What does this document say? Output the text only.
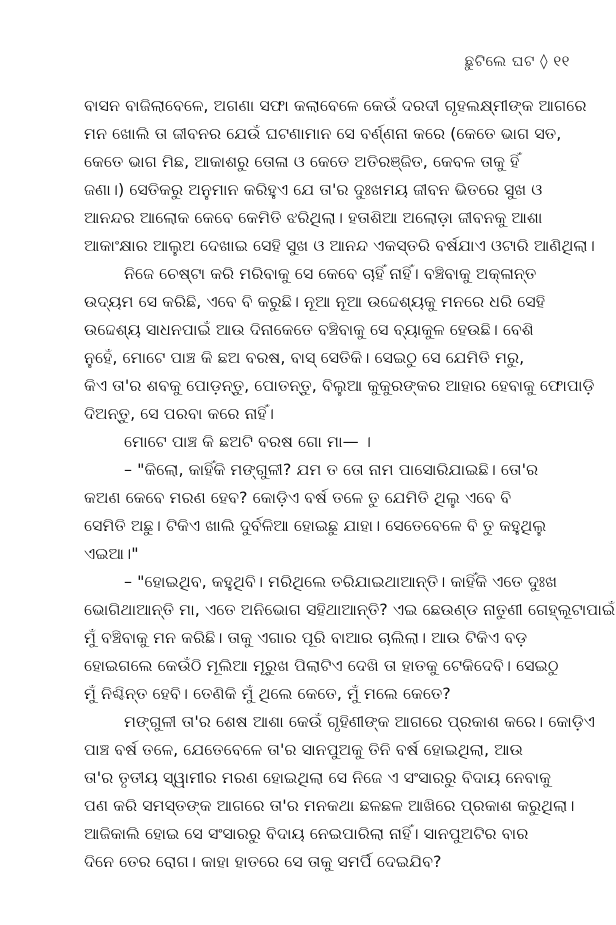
ଛୁଟିଲେ ଘଟ ◊ ୧୧
ବାସନ ବାଜିଲାବେଳେ, ଅଗଣା ସଫା କଲାବେଳେ କେଉଁ ଦରଦୀ ଗୃହଲକ୍ଷ୍ମୀଙ୍କ ଆଗରେ
ମନ ଖୋଲି ତା ଜୀବନର ଯେଉଁ ଘଟଣାମାନ ସେ ବର୍ଣ୍ଣନା କରେ (କେତେ ଭାଗ ସତ,
କେତେ ଭାଗ ମିଛ, ଆକାଶରୁ ତୋଳା ଓ କେତେ ଅତିରଞ୍ଜିତ, କେବଳ ତାକୁ ହିଁ
ଜଣା।) ସେତିକରୁ ଅନୁମାନ କରିହୁଏ ଯେ ତା'ର ଦୁଃଖମୟ ଜୀବନ ଭିତରେ ସୁଖ ଓ
ଆନନ୍ଦର ଆଲୋକ କେବେ କେମିତି ଝରିଥିଲା। ହତାଶିଆ ଅଲୋଡ଼ା ଜୀବନକୁ ଆଶା
ଆକାଂକ୍ଷାର ଆଲୁଅ ଦେଖାଇ ସେହି ସୁଖ ଓ ଆନନ୍ଦ ଏକସ୍ତରି ବର୍ଷଯାଏ ଓଟାରି ଆଣିଥିଲା।
ନିଜେ ଚେଷ୍ଟା କରି ମରିବାକୁ ସେ କେବେ ଚାହିଁ ନାହିଁ। ବଞ୍ଚିବାକୁ ଅକ୍ଳାନ୍ତ
ଉଦ୍ୟମ ସେ କରିଛି, ଏବେ ବି କରୁଛି। ନୂଆ ନୂଆ ଉଦ୍ଦେଶ୍ୟକୁ ମନରେ ଧରି ସେହି
ଉଦ୍ଦେଶ୍ୟ ସାଧନପାଇଁ ଆଉ ଦିନାକେତେ ବଞ୍ଚିବାକୁ ସେ ବ୍ୟାକୁଳ ହେଉଛି। ବେଶି
ନୁହେଁ, ମୋଟେ ପାଞ୍ଚ କି ଛଅ ବରଷ, ବାସ୍ ସେତିକି। ସେଇଠୁ ସେ ଯେମିତି ମରୁ,
କିଏ ତା'ର ଶବକୁ ପୋଡ଼ନ୍ତୁ, ପୋତନ୍ତୁ, ବିଲୁଆ କୁକୁରଙ୍କର ଆହାର ହେବାକୁ ଫୋପାଡ଼ି
ଦିଅନ୍ତୁ, ସେ ପରବା କରେ ନାହିଁ।
ମୋଟେ ପାଞ୍ଚ କି ଛଅଟି ବରଷ ଗୋ ମା— ।
– "କିଲୋ, କାହିଁକି ମଙ୍ଗୁଳୀ? ଯମ ତ ତୋ ନାମ ପାସୋରିଯାଇଛି। ତୋ'ର
କଅଣ କେବେ ମରଣ ହେବ? କୋଡ଼ିଏ ବର୍ଷ ତଳେ ତୁ ଯେମିତି ଥିଲୁ ଏବେ ବି
ସେମିତି ଅଛୁ। ଟିକିଏ ଖାଲି ଦୁର୍ବଳିଆ ହୋଇଛୁ ଯାହା। ସେତେବେଳେ ବି ତୁ କହୁଥିଲୁ
ଏଇଆ।"
– "ହୋଇଥିବ, କହୁଥିବି। ମରିଥିଲେ ତରିଯାଇଥାଆନ୍ତି। କାହିଁକି ଏତେ ଦୁଃଖ
ଭୋଗିଥାଆନ୍ତି ମା, ଏତେ ଅନିଭୋଗ ସହିଥାଆନ୍ତି? ଏଇ ଛେଉଣ୍ଡ ନାତୁଣୀ ଗେହ୍ଲୂଟାପାଇଁ
ମୁଁ ବଞ୍ଚିବାକୁ ମନ କରିଛି। ତାକୁ ଏଗାର ପୂରି ବାଆର ଚାଲିଲା। ଆଉ ଟିକିଏ ବଡ଼
ହୋଇଗଲେ କେଉଁଠି ମୂଲିଆ ମୂରୁଖ ପିଲାଟିଏ ଦେଖି ତା ହାତକୁ ଟେକିଦେବି। ସେଇଠୁ
ମୁଁ ନିଶ୍ଚିନ୍ତ ହେବି। ତେଣିକି ମୁଁ ଥିଲେ କେତେ, ମୁଁ ମଲେ କେତେ?
ମଙ୍ଗୁଳୀ ତା'ର ଶେଷ ଆଶା କେଉଁ ଗୃହିଣୀଙ୍କ ଆଗରେ ପ୍ରକାଶ କରେ। କୋଡ଼ିଏ
ପାଞ୍ଚ ବର୍ଷ ତଳେ, ଯେତେବେଳେ ତା'ର ସାନପୁଅକୁ ତିନି ବର୍ଷ ହୋଇଥିଲା, ଆଉ
ତା'ର ତୃତୀୟ ସ୍ୱାମୀର ମରଣ ହୋଇଥିଲା ସେ ନିଜେ ଏ ସଂସାରରୁ ବିଦାୟ ନେବାକୁ
ପଣ କରି ସମସ୍ତଙ୍କ ଆଗରେ ତା'ର ମନକଥା ଛଳଛଳ ଆଖିରେ ପ୍ରକାଶ କରୁଥିଲା।
ଆଜିକାଲି ହୋଇ ସେ ସଂସାରରୁ ବିଦାୟ ନେଇପାରିଲା ନାହିଁ। ସାନପୁଅଟିର ବାର
ଦିନେ ତେର ରୋଗ। କାହା ହାତରେ ସେ ତାକୁ ସମର୍ପି ଦେଇଯିବ?
